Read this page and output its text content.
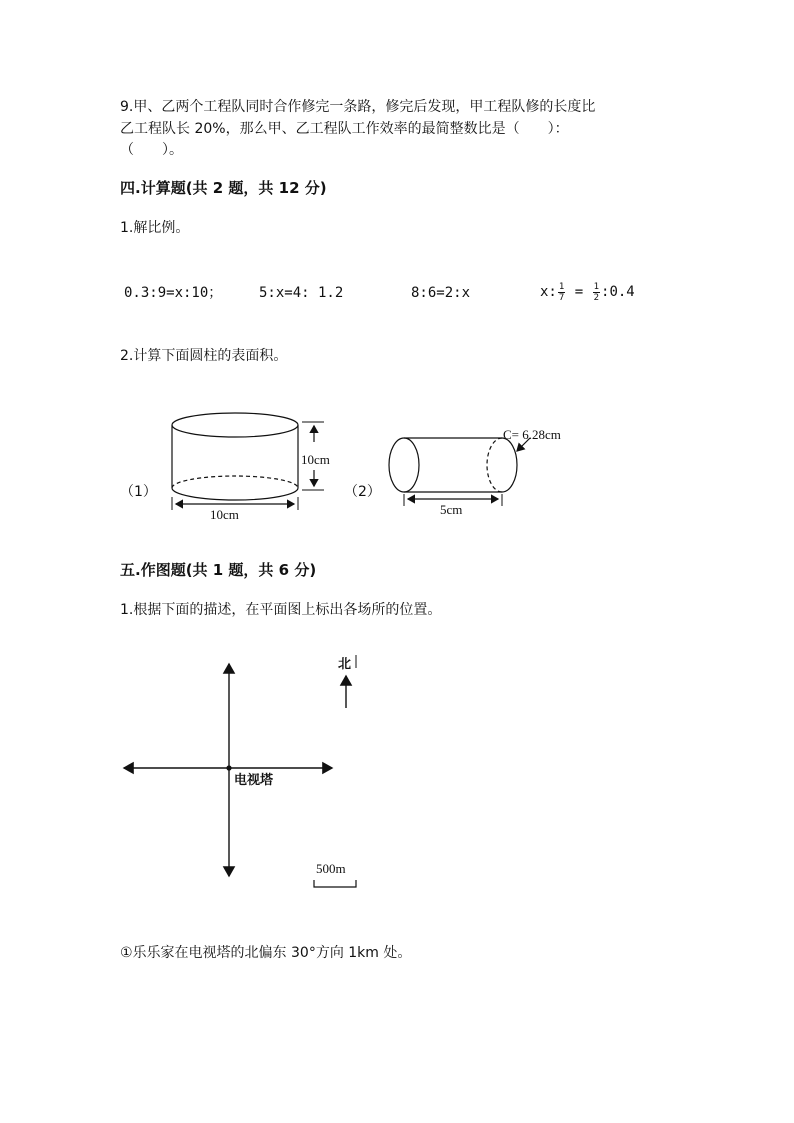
9.甲、乙两个工程队同时合作修完一条路，修完后发现，甲工程队修的长度比
乙工程队长 20%，那么甲、乙工程队工作效率的最简整数比是（　　）：
（　　）。
四.计算题(共 2 题，共 12 分)
1.解比例。
0.3:9=x:10；	5:x=4: 1.2	8:6=2:x	x: $\frac{1}{7} = \frac{1}{2}$ :0.4
2.计算下面圆柱的表面积。
10cm
10cm
（1）	（2）
C= 6.28cm
5cm
五.作图题(共 1 题，共 6 分)
1.根据下面的描述，在平面图上标出各场所的位置。
北
电视塔
500m
①乐乐家在电视塔的北偏东 30°方向 1km 处。
